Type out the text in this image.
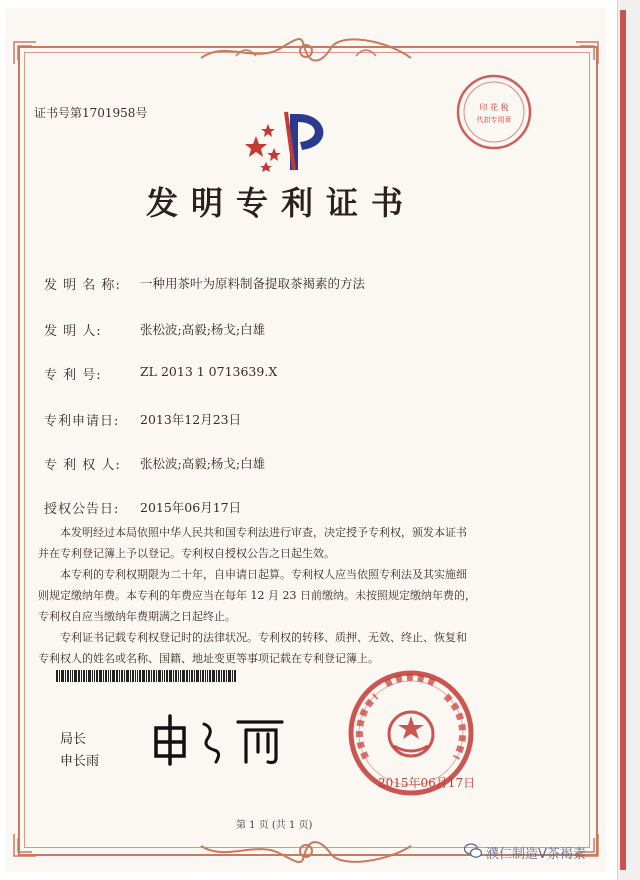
证书号第1701958号	印 花 税
代扣专用章
发明专利证书
发 明 名 称: 一种用茶叶为原料制备提取茶褐素的方法
发 明 人:	张松波;高毅;杨戈;白雄
专 利 号:	ZL 2013 1 0713639.X
专利申请日: 2013年12月23日
专 利 权 人: 张松波;高毅;杨戈;白雄
授权公告日: 2015年06月17日
本发明经过本局依照中华人民共和国专利法进行审查，决定授予专利权，颁发本证书
并在专利登记簿上予以登记。专利权自授权公告之日起生效。
本专利的专利权期限为二十年，自申请日起算。专利权人应当依照专利法及其实施细
则规定缴纳年费。本专利的年费应当在每年 12 月 23 日前缴纳。未按照规定缴纳年费的，
专利权自应当缴纳年费期满之日起终止。
专利证书记载专利权登记时的法律状况。专利权的转移、质押、无效、终止、恢复和
专利权人的姓名或名称、国籍、地址变更等事项记载在专利登记簿上。
局长
申长雨
2015年06月17日
第 1 页 (共 1 页)
濮仁制造V茶褐素
